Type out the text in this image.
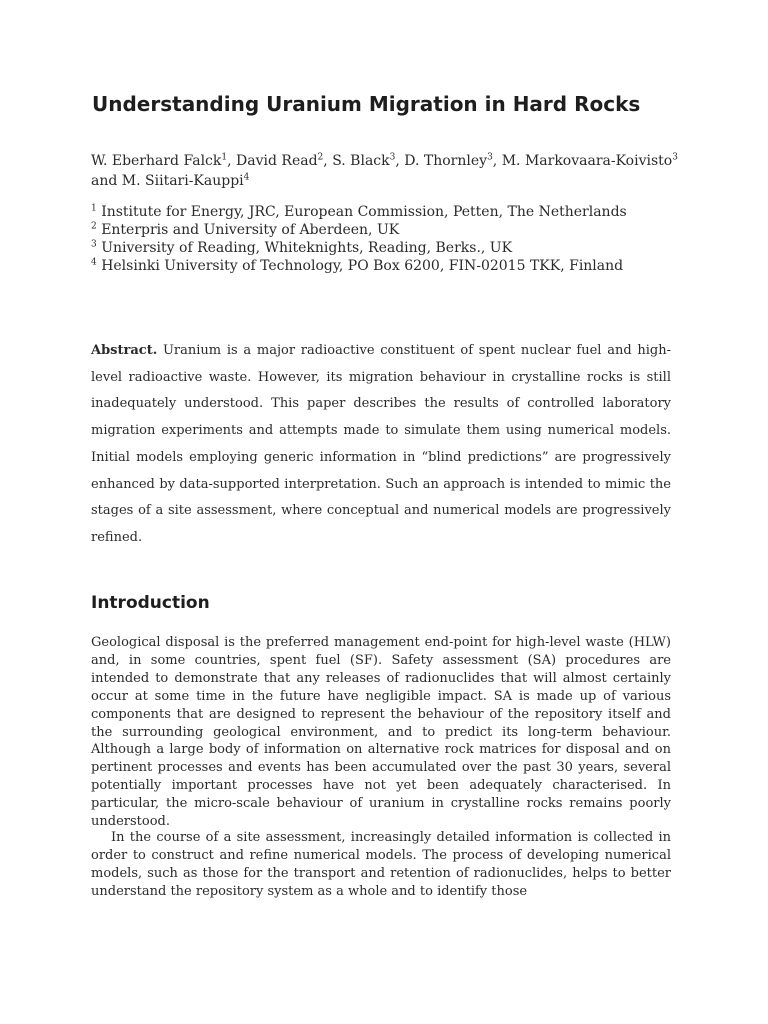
Understanding Uranium Migration in Hard Rocks

W. Eberhard Falck$^1$, David Read$^2$, S. Black$^3$, D. Thornley$^3$, M. Markovaara-Koivisto$^3$ and M. Siitari-Kauppi$^4$

$^1$ Institute for Energy, JRC, European Commission, Petten, The Netherlands

$^2$ Enterpris and University of Aberdeen, UK

$^3$ University of Reading, Whiteknights, Reading, Berks., UK

$^4$ Helsinki University of Technology, PO Box 6200, FIN-02015 TKK, Finland

Abstract. Uranium is a major radioactive constituent of spent nuclear fuel and high-level radioactive waste. However, its migration behaviour in crystalline rocks is still inadequately understood. This paper describes the results of controlled laboratory migration experiments and attempts made to simulate them using numerical models. Initial models employing generic information in “blind predictions” are progressively enhanced by data-supported interpretation. Such an approach is intended to mimic the stages of a site assessment, where conceptual and numerical models are progressively refined.

Introduction

Geological disposal is the preferred management end-point for high-level waste (HLW) and, in some countries, spent fuel (SF). Safety assessment (SA) procedures are intended to demonstrate that any releases of radionuclides that will almost certainly occur at some time in the future have negligible impact. SA is made up of various components that are designed to represent the behaviour of the repository itself and the surrounding geological environment, and to predict its long-term behaviour. Although a large body of information on alternative rock matrices for disposal and on pertinent processes and events has been accumulated over the past 30 years, several potentially important processes have not yet been adequately characterised. In particular, the micro-scale behaviour of uranium in crystalline rocks remains poorly understood.

In the course of a site assessment, increasingly detailed information is collected in order to construct and refine numerical models. The process of developing numerical models, such as those for the transport and retention of radionuclides, helps to better understand the repository system as a whole and to identify those
